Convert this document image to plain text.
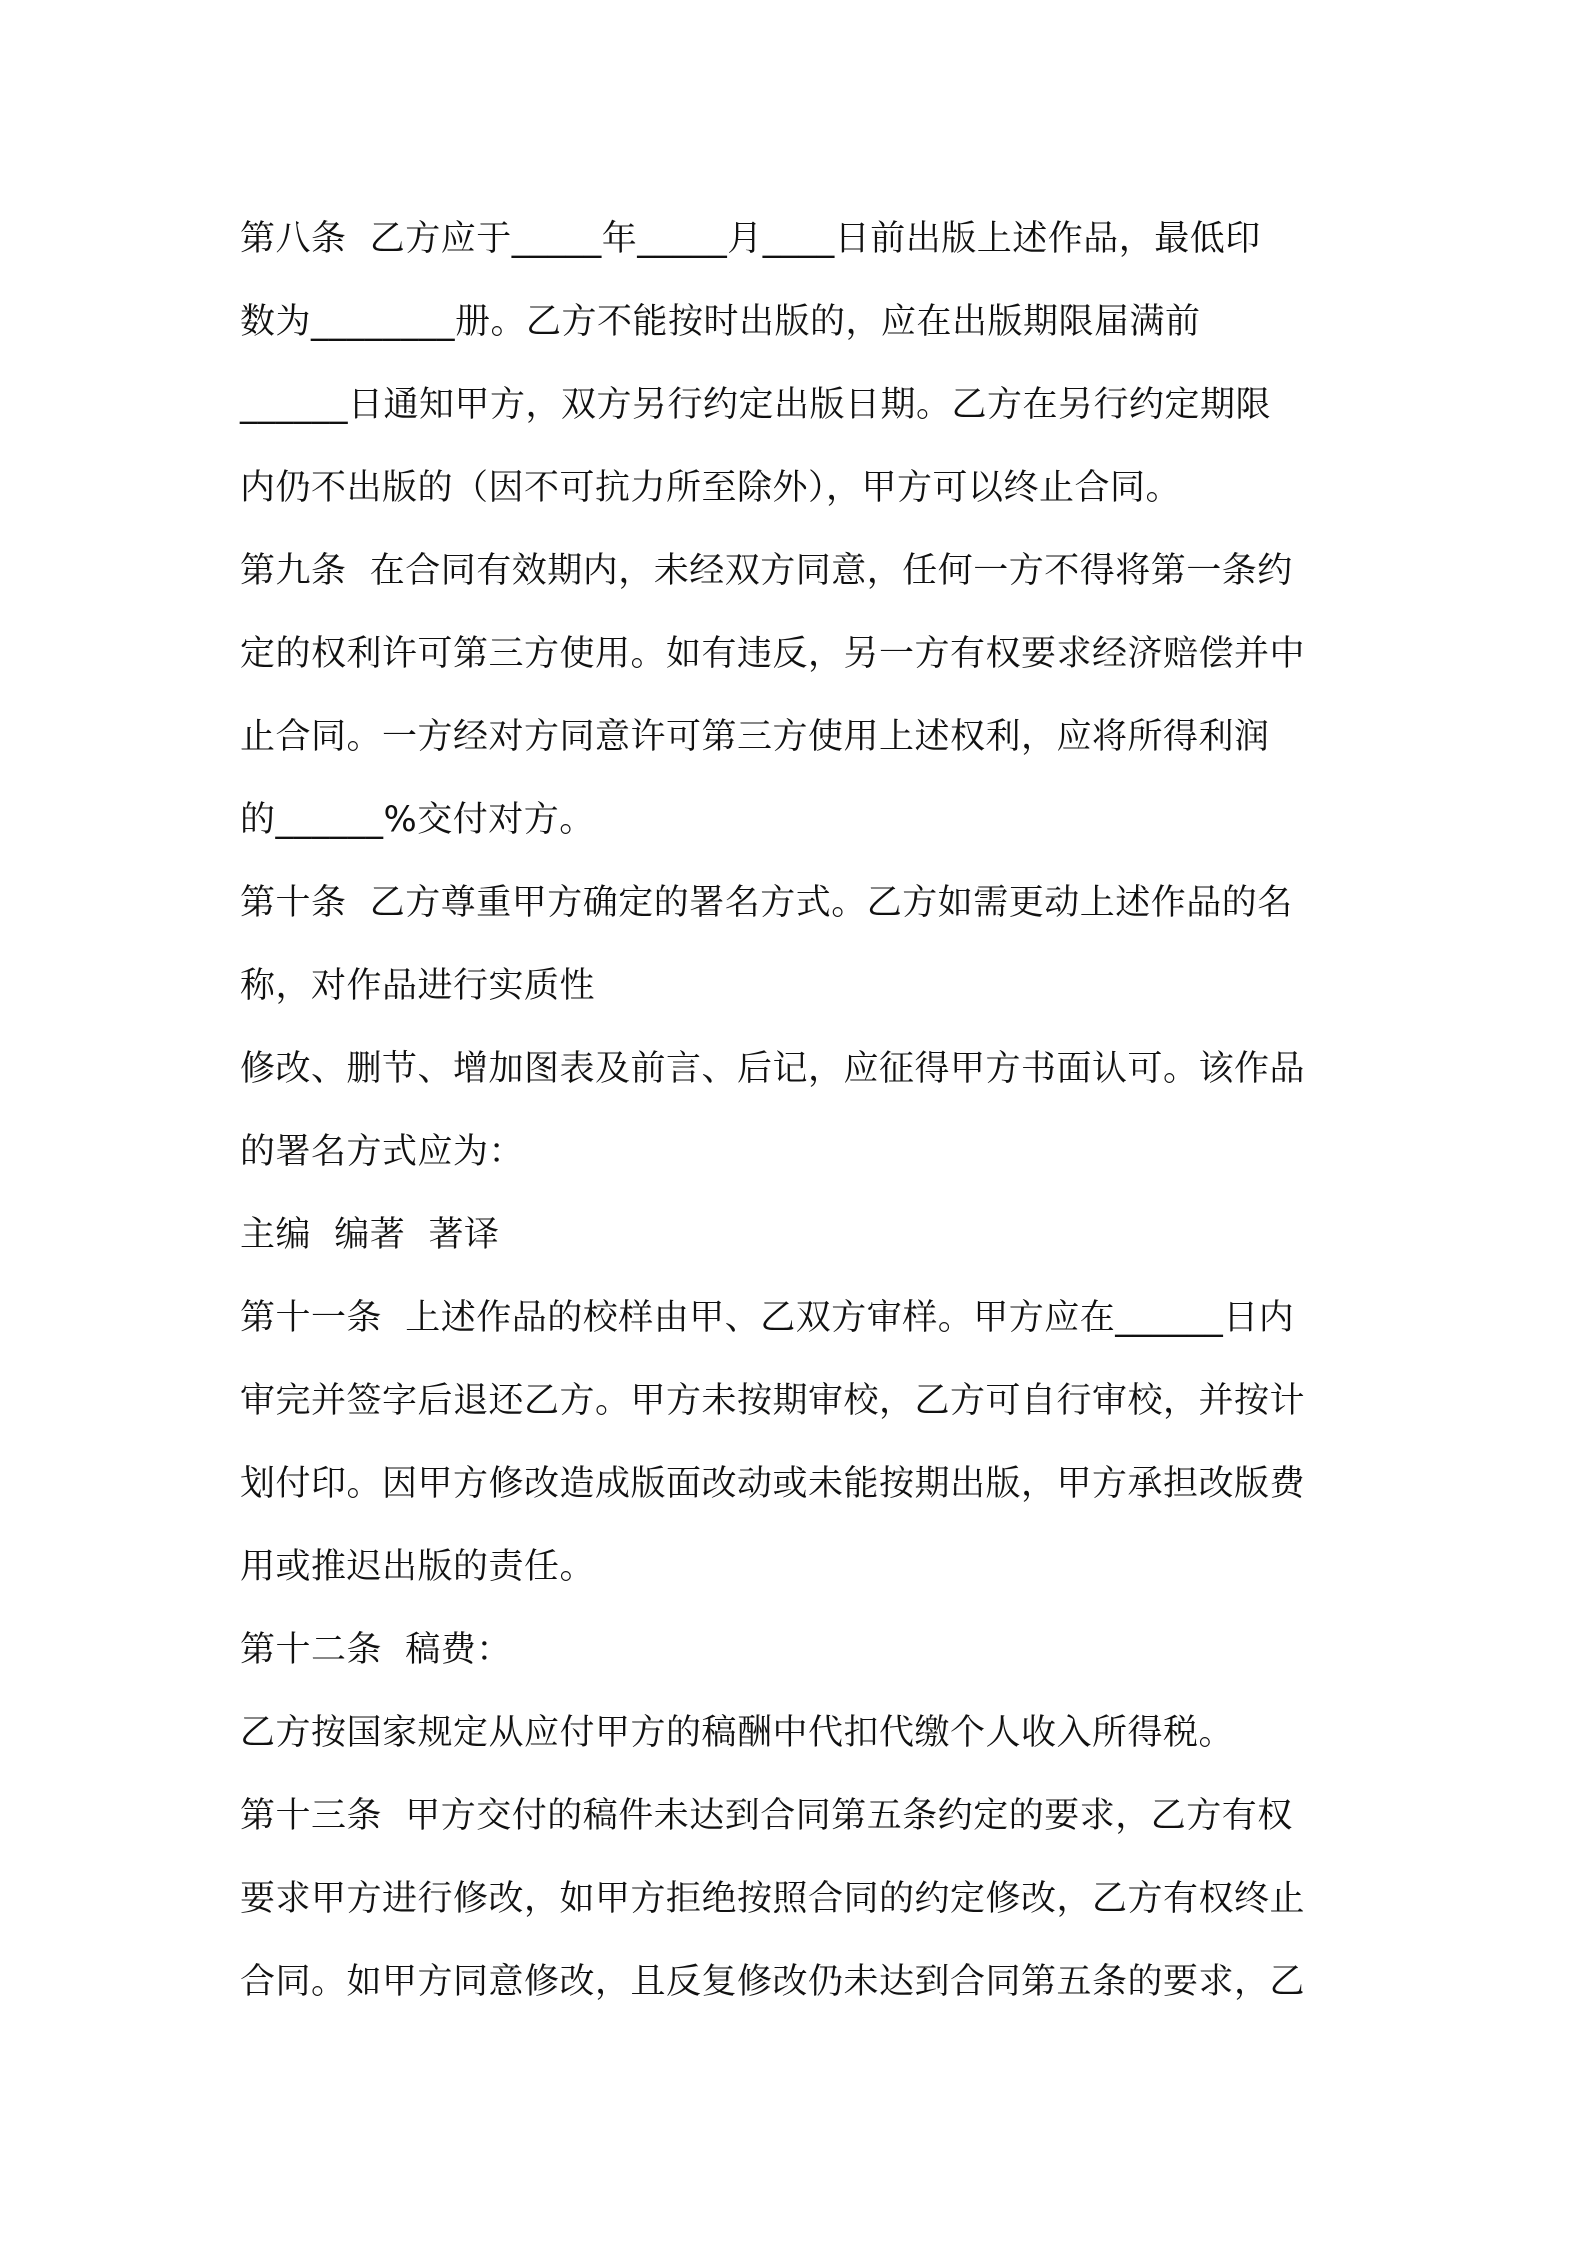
第八条  乙方应于_____年_____月____日前出版上述作品，最低印
数为________册。乙方不能按时出版的，应在出版期限届满前
______日通知甲方，双方另行约定出版日期。乙方在另行约定期限
内仍不出版的（因不可抗力所至除外），甲方可以终止合同。
第九条  在合同有效期内，未经双方同意，任何一方不得将第一条约
定的权利许可第三方使用。如有违反，另一方有权要求经济赔偿并中
止合同。一方经对方同意许可第三方使用上述权利，应将所得利润
的______%交付对方。
第十条  乙方尊重甲方确定的署名方式。乙方如需更动上述作品的名
称，对作品进行实质性
修改、删节、增加图表及前言、后记，应征得甲方书面认可。该作品
的署名方式应为：
主编  编著  著译
第十一条  上述作品的校样由甲、乙双方审样。甲方应在______日内
审完并签字后退还乙方。甲方未按期审校，乙方可自行审校，并按计
划付印。因甲方修改造成版面改动或未能按期出版，甲方承担改版费
用或推迟出版的责任。
第十二条  稿费：
乙方按国家规定从应付甲方的稿酬中代扣代缴个人收入所得税。
第十三条  甲方交付的稿件未达到合同第五条约定的要求，乙方有权
要求甲方进行修改，如甲方拒绝按照合同的约定修改，乙方有权终止
合同。如甲方同意修改，且反复修改仍未达到合同第五条的要求，乙
